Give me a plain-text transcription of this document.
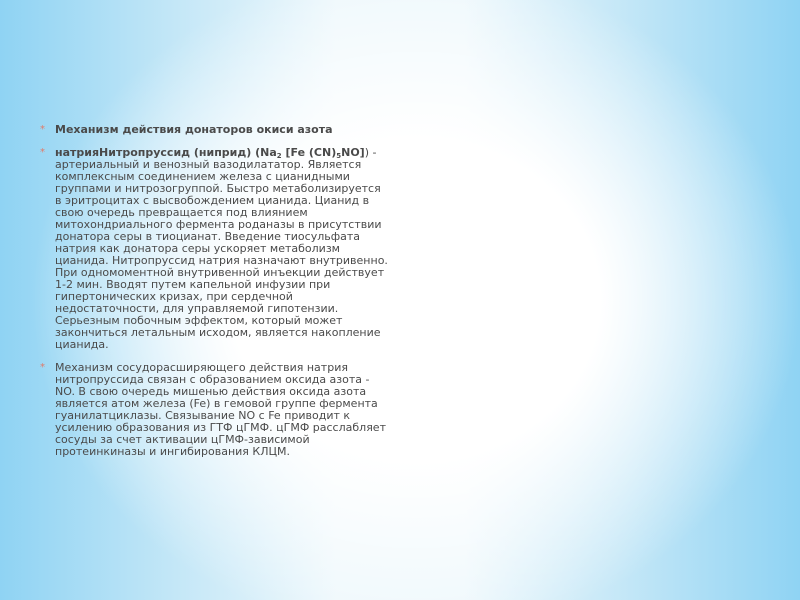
* Механизм действия донаторов окиси азота
* натрияНитропруссид (ниприд) ($Na_2$ [Fe $(CN)_5NO$]) - артериальный и венозный вазодилататор. Является комплексным соединением железа с цианидными группами и нитрозогруппой. Быстро метаболизируется в эритроцитах с высвобождением цианида. Цианид в свою очередь превращается под влиянием митохондриального фермента роданазы в присутствии донатора серы в тиоцианат. Введение тиосульфата натрия как донатора серы ускоряет метаболизм цианида. Нитропруссид натрия назначают внутривенно. При одномоментной внутривенной инъекции действует 1-2 мин. Вводят путем капельной инфузии при гипертонических кризах, при сердечной недостаточности, для управляемой гипотензии. Серьезным побочным эффектом, который может закончиться летальным исходом, является накопление цианида.
* Механизм сосудорасширяющего действия натрия нитропруссида связан с образованием оксида азота - NO. В свою очередь мишенью действия оксида азота является атом железа (Fe) в гемовой группе фермента гуанилатциклазы. Связывание NO с Fe приводит к усилению образования из ГТФ цГМФ. цГМФ расслабляет сосуды за счет активации цГМФ-зависимой протеинкиназы и ингибирования КЛЦМ.
